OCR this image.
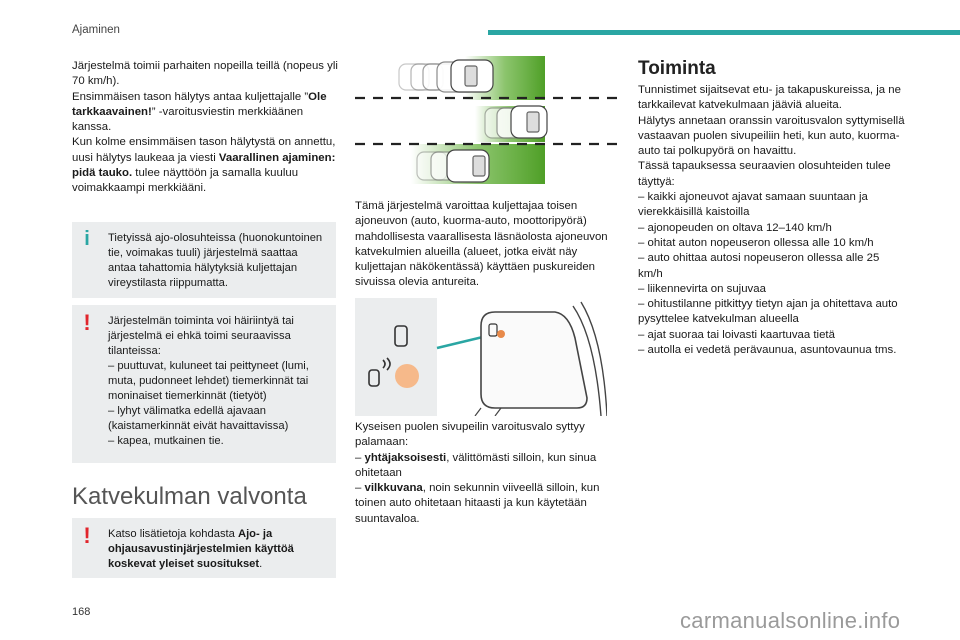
Ajaminen

Järjestelmä toimii parhaiten nopeilla teillä (nopeus yli 70 km/h).

Ensimmäisen tason hälytys antaa kuljettajalle ”Ole tarkkaavainen!” -varoitusviestin merkkiäänen kanssa.

Kun kolme ensimmäisen tason hälytystä on annettu, uusi hälytys laukeaa ja viesti Vaarallinen ajaminen: pidä tauko. tulee näyttöön ja samalla kuuluu voimakkaampi merkkiääni.

i	Tietyissä ajo-olosuhteissa (huonokuntoinen tie, voimakas tuuli) järjestelmä saattaa antaa tahattomia hälytyksiä kuljettajan vireystilasta riippumatta.
! Järjestelmän toiminta voi häiriintyä tai järjestelmä ei ehkä toimi seuraavissa tilanteissa:
– puuttuvat, kuluneet tai peittyneet (lumi, muta, pudonneet lehdet) tiemerkinnät tai moninaiset tiemerkinnät (tietyöt)
– lyhyt välimatka edellä ajavaan (kaistamerkinnät eivät havaittavissa)
– kapea, mutkainen tie.
Katvekulman valvonta
!	Katso lisätietoja kohdasta Ajo- ja ohjausavustinjärjestelmien käyttöä koskevat yleiset suositukset.
Tämä järjestelmä varoittaa kuljettajaa toisen ajoneuvon (auto, kuorma-auto, moottoripyörä) mahdollisesta vaarallisesta läsnäolosta ajoneuvon katvekulmien alueilla (alueet, jotka eivät näy kuljettajan näkökentässä) käyttäen puskureiden sivuissa olevia antureita.

Kyseisen puolen sivupeilin varoitusvalo syttyy palamaan:

– yhtäjaksoisesti, välittömästi silloin, kun sinua ohitetaan

– vilkkuvana, noin sekunnin viiveellä silloin, kun toinen auto ohitetaan hitaasti ja kun käytetään suuntavaloa.

Toiminta

Tunnistimet sijaitsevat etu- ja takapuskureissa, ja ne tarkkailevat katvekulmaan jääviä alueita.

Hälytys annetaan oranssin varoitusvalon syttymisellä vastaavan puolen sivupeiliin heti, kun auto, kuorma-auto tai polkupyörä on havaittu.

Tässä tapauksessa seuraavien olosuhteiden tulee täyttyä:

– kaikki ajoneuvot ajavat samaan suuntaan ja vierekkäisillä kaistoilla

– ajonopeuden on oltava 12–140 km/h

– ohitat auton nopeuseron ollessa alle 10 km/h

– auto ohittaa autosi nopeuseron ollessa alle 25 km/h

– liikennevirta on sujuvaa

– ohitustilanne pitkittyy tietyn ajan ja ohitettava auto pysyttelee katvekulman alueella

– ajat suoraa tai loivasti kaartuvaa tietä

– autolla ei vedetä perävaunua, asuntovaunua tms.

168	carmanualsonline.info
